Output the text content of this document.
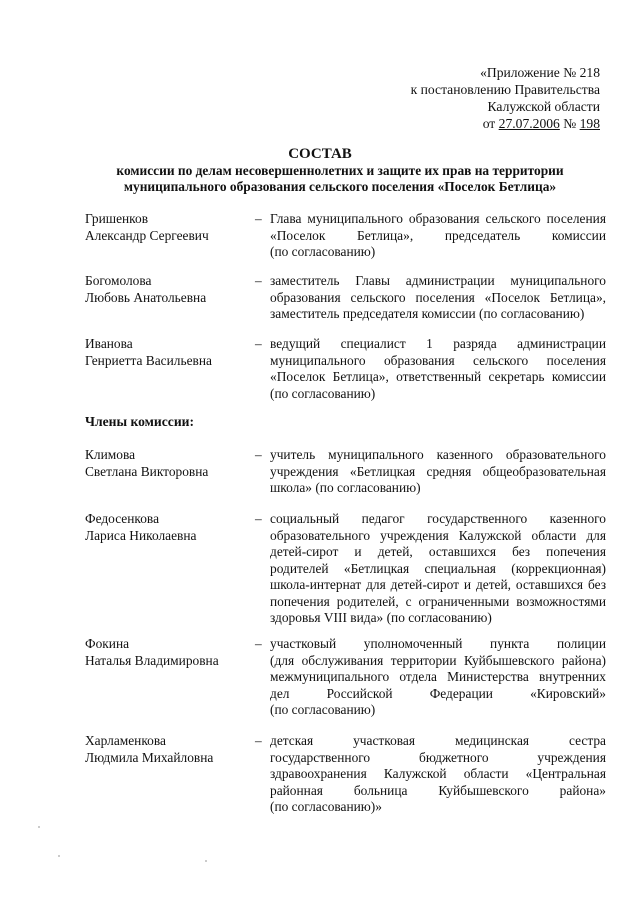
«Приложение № 218
к постановлению Правительства
Калужской области
от 27.07.2006 № 198
СОСТАВ
комиссии по делам несовершеннолетних и защите их прав на территории
муниципального образования сельского поселения «Поселок Бетлица»
Гришенков
Александр Сергеевич
– Глава муниципального образования сельского поселения
«Поселок Бетлица», председатель комиссии
(по согласованию)
Богомолова
Любовь Анатольевна
– заместитель Главы администрации муниципального
образования сельского поселения «Поселок Бетлица»,
заместитель председателя комиссии (по согласованию)
Иванова
Генриетта Васильевна
– ведущий специалист 1 разряда администрации
муниципального образования сельского поселения
«Поселок Бетлица», ответственный секретарь комиссии
(по согласованию)
Члены комиссии:
Климова
Светлана Викторовна
– учитель муниципального казенного образовательного
учреждения «Бетлицкая средняя общеобразовательная
школа» (по согласованию)
Федосенкова
Лариса Николаевна
– социальный педагог государственного казенного
образовательного учреждения Калужской области для
детей-сирот и детей, оставшихся без попечения
родителей «Бетлицкая специальная (коррекционная)
школа-интернат для детей-сирот и детей, оставшихся без
попечения родителей, с ограниченными возможностями
здоровья VIII вида» (по согласованию)
Фокина
Наталья Владимировна
– участковый уполномоченный пункта полиции
(для обслуживания территории Куйбышевского района)
межмуниципального отдела Министерства внутренних
дел Российской Федерации «Кировский»
(по согласованию)
Харламенкова
Людмила Михайловна
– детская участковая медицинская сестра
государственного бюджетного учреждения
здравоохранения Калужской области «Центральная
районная больница Куйбышевского района»
(по согласованию)»
